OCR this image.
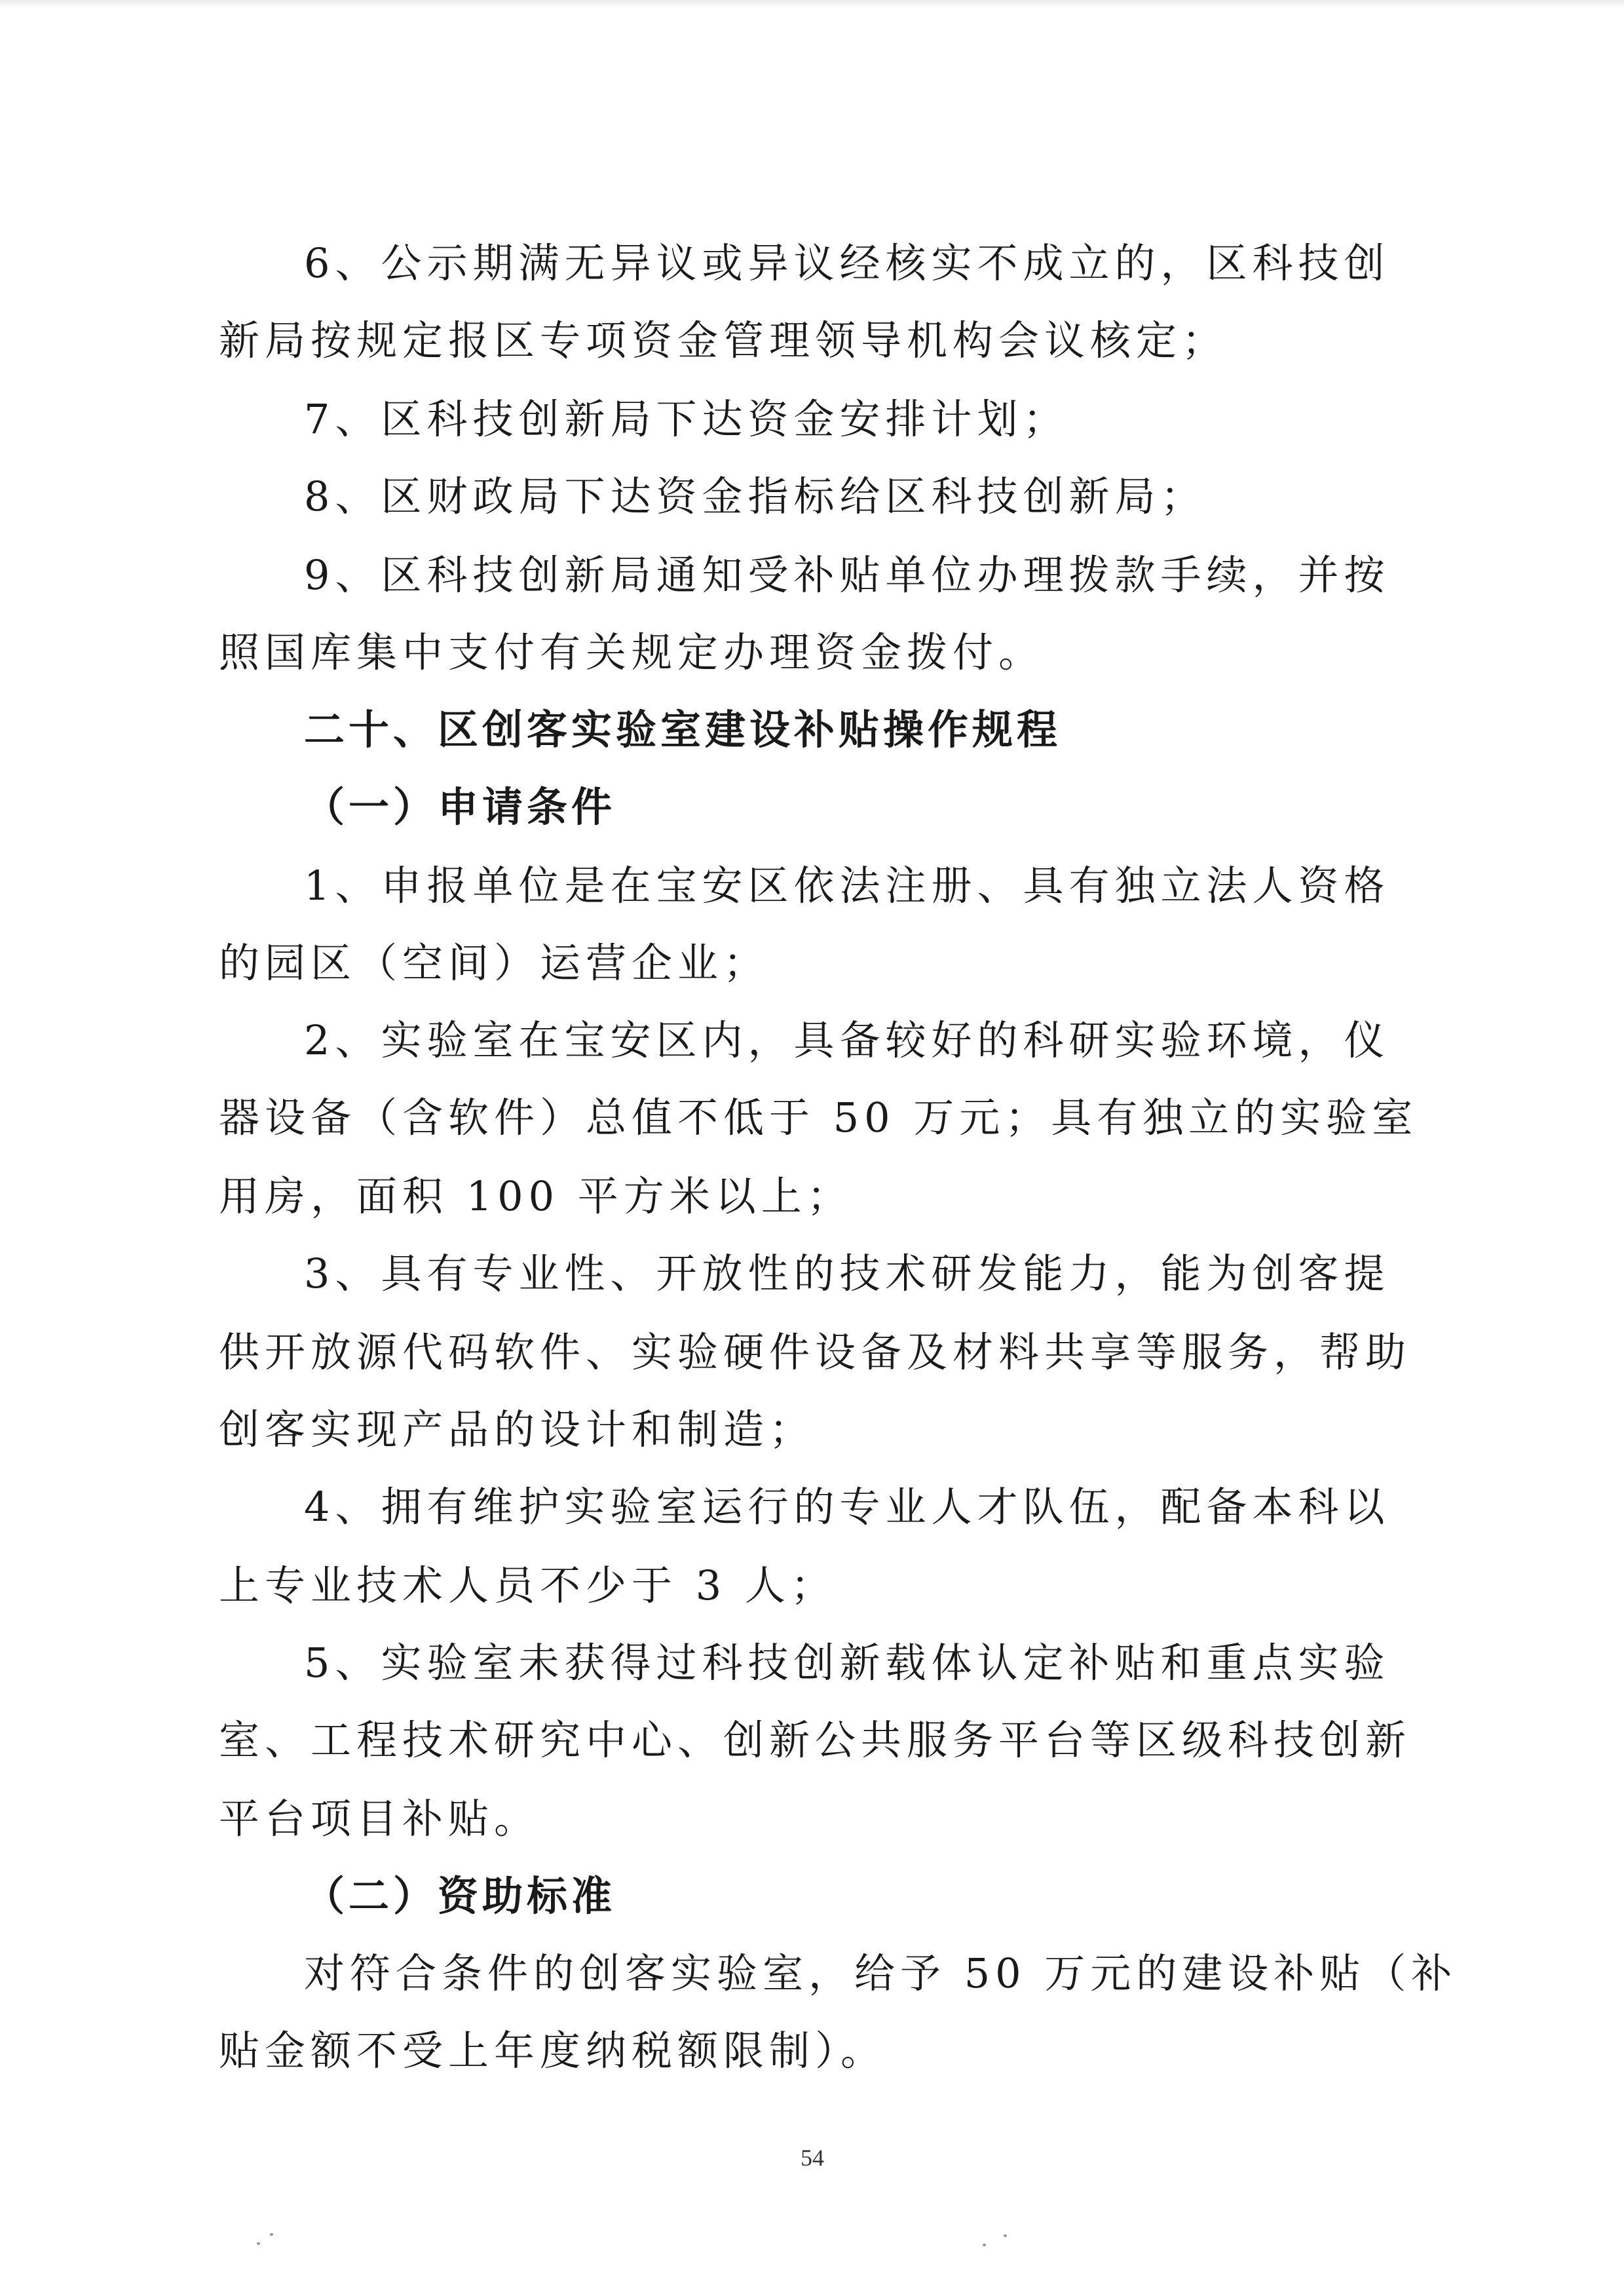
6、公示期满无异议或异议经核实不成立的，区科技创
新局按规定报区专项资金管理领导机构会议核定；
7、区科技创新局下达资金安排计划；
8、区财政局下达资金指标给区科技创新局；
9、区科技创新局通知受补贴单位办理拨款手续，并按
照国库集中支付有关规定办理资金拨付。
二十、区创客实验室建设补贴操作规程
（一）申请条件
1、申报单位是在宝安区依法注册、具有独立法人资格
的园区（空间）运营企业；
2、实验室在宝安区内，具备较好的科研实验环境，仪
器设备（含软件）总值不低于 50 万元；具有独立的实验室
用房，面积 100 平方米以上；
3、具有专业性、开放性的技术研发能力，能为创客提
供开放源代码软件、实验硬件设备及材料共享等服务，帮助
创客实现产品的设计和制造；
4、拥有维护实验室运行的专业人才队伍，配备本科以
上专业技术人员不少于 3 人；
5、实验室未获得过科技创新载体认定补贴和重点实验
室、工程技术研究中心、创新公共服务平台等区级科技创新
平台项目补贴。
（二）资助标准
对符合条件的创客实验室，给予 50 万元的建设补贴（补
贴金额不受上年度纳税额限制）。
54
